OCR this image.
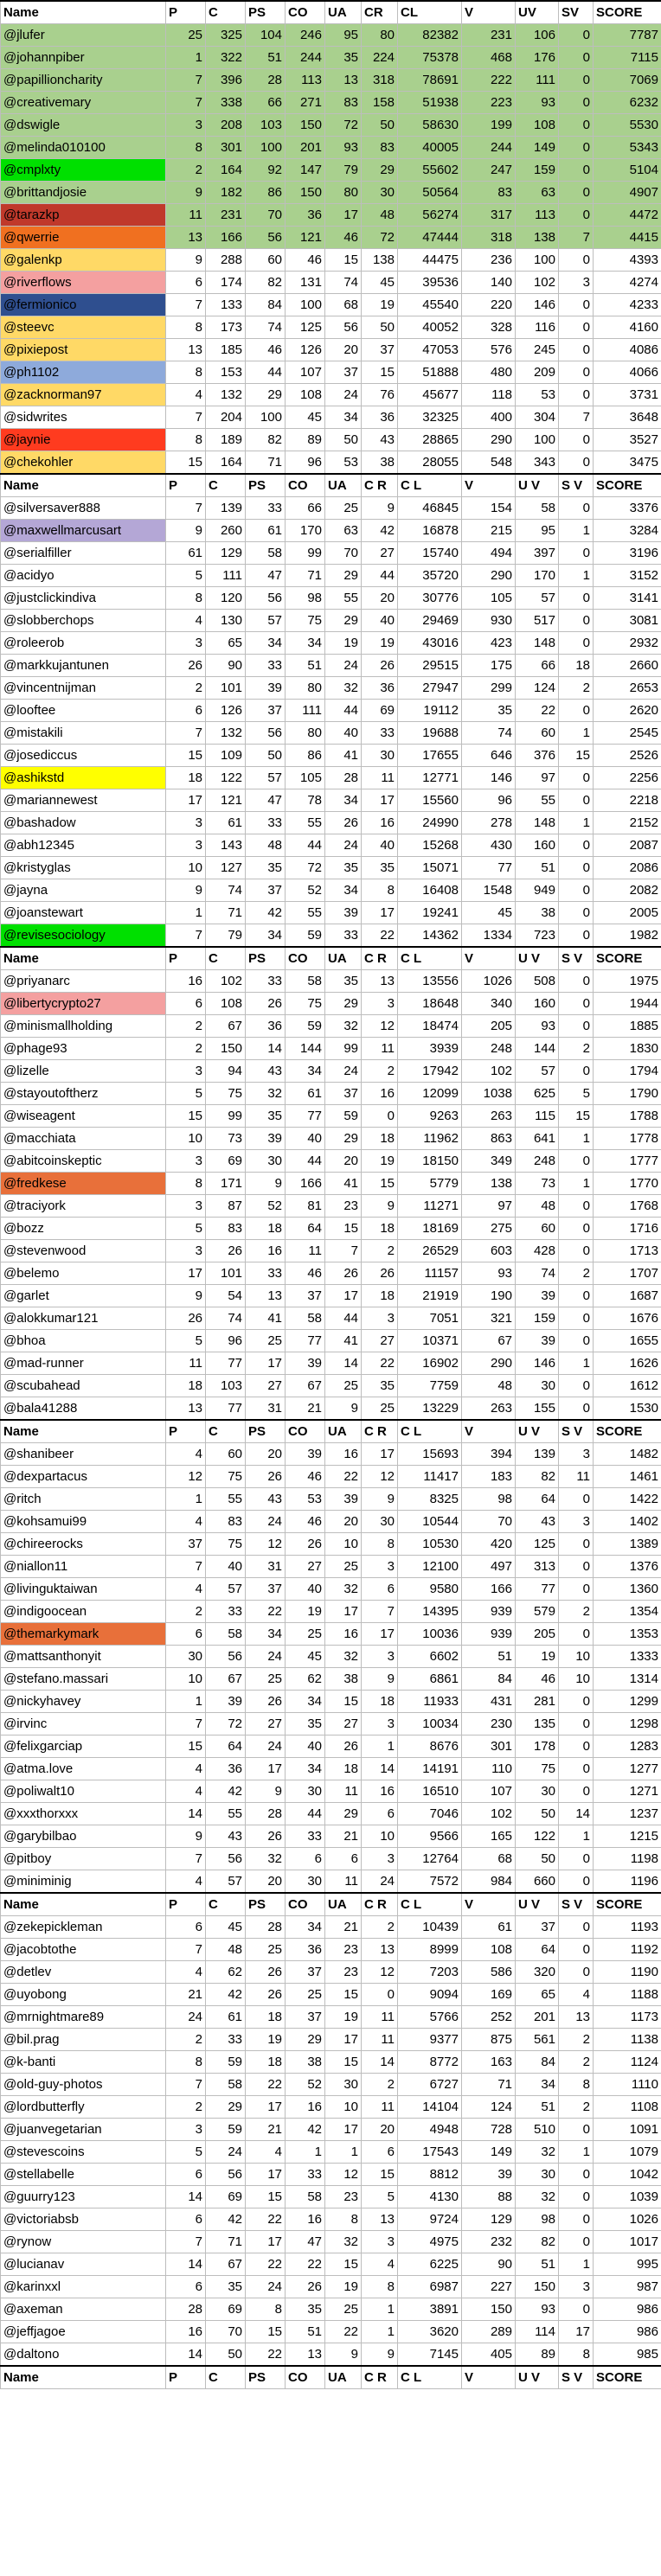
Name	P	C	PS	CO	UA	CR	CL	V	UV	SV	SCORE
@jlufer	25	325	104	246	95	80	82382	231	106	0	7787
@johannpiber	1	322	51	244	35	224	75378	468	176	0	7115
@papillioncharity	7	396	28	113	13	318	78691	222	111	0	7069
@creativemary	7	338	66	271	83	158	51938	223	93	0	6232
@dswigle	3	208	103	150	72	50	58630	199	108	0	5530
@melinda010100	8	301	100	201	93	83	40005	244	149	0	5343
@cmplxty	2	164	92	147	79	29	55602	247	159	0	5104
@brittandjosie	9	182	86	150	80	30	50564	83	63	0	4907
@tarazkp	11	231	70	36	17	48	56274	317	113	0	4472
@qwerrie	13	166	56	121	46	72	47444	318	138	7	4415
@galenkp	9	288	60	46	15	138	44475	236	100	0	4393
@riverflows	6	174	82	131	74	45	39536	140	102	3	4274
@fermionico	7	133	84	100	68	19	45540	220	146	0	4233
@steevc	8	173	74	125	56	50	40052	328	116	0	4160
@pixiepost	13	185	46	126	20	37	47053	576	245	0	4086
@ph1102	8	153	44	107	37	15	51888	480	209	0	4066
@zacknorman97	4	132	29	108	24	76	45677	118	53	0	3731
@sidwrites	7	204	100	45	34	36	32325	400	304	7	3648
@jaynie	8	189	82	89	50	43	28865	290	100	0	3527
@chekohler	15	164	71	96	53	38	28055	548	343	0	3475
Name	P	C	PS	CO	UA	C R	C L	V	U V	S V	SCORE
@silversaver888	7	139	33	66	25	9	46845	154	58	0	3376
@maxwellmarcusart	9	260	61	170	63	42	16878	215	95	1	3284
@serialfiller	61	129	58	99	70	27	15740	494	397	0	3196
@acidyo	5	111	47	71	29	44	35720	290	170	1	3152
@justclickindiva	8	120	56	98	55	20	30776	105	57	0	3141
@slobberchops	4	130	57	75	29	40	29469	930	517	0	3081
@roleerob	3	65	34	34	19	19	43016	423	148	0	2932
@markkujantunen	26	90	33	51	24	26	29515	175	66	18	2660
@vincentnijman	2	101	39	80	32	36	27947	299	124	2	2653
@looftee	6	126	37	111	44	69	19112	35	22	0	2620
@mistakili	7	132	56	80	40	33	19688	74	60	1	2545
@josediccus	15	109	50	86	41	30	17655	646	376	15	2526
@ashikstd	18	122	57	105	28	11	12771	146	97	0	2256
@mariannewest	17	121	47	78	34	17	15560	96	55	0	2218
@bashadow	3	61	33	55	26	16	24990	278	148	1	2152
@abh12345	3	143	48	44	24	40	15268	430	160	0	2087
@kristyglas	10	127	35	72	35	35	15071	77	51	0	2086
@jayna	9	74	37	52	34	8	16408	1548	949	0	2082
@joanstewart	1	71	42	55	39	17	19241	45	38	0	2005
@revisesociology	7	79	34	59	33	22	14362	1334	723	0	1982
Name	P	C	PS	CO	UA	C R	C L	V	U V	S V	SCORE
@priyanarc	16	102	33	58	35	13	13556	1026	508	0	1975
@libertycrypto27	6	108	26	75	29	3	18648	340	160	0	1944
@minismallholding	2	67	36	59	32	12	18474	205	93	0	1885
@phage93	2	150	14	144	99	11	3939	248	144	2	1830
@lizelle	3	94	43	34	24	2	17942	102	57	0	1794
@stayoutoftherz	5	75	32	61	37	16	12099	1038	625	5	1790
@wiseagent	15	99	35	77	59	0	9263	263	115	15	1788
@macchiata	10	73	39	40	29	18	11962	863	641	1	1778
@abitcoinskeptic	3	69	30	44	20	19	18150	349	248	0	1777
@fredkese	8	171	9	166	41	15	5779	138	73	1	1770
@traciyork	3	87	52	81	23	9	11271	97	48	0	1768
@bozz	5	83	18	64	15	18	18169	275	60	0	1716
@stevenwood	3	26	16	11	7	2	26529	603	428	0	1713
@belemo	17	101	33	46	26	26	11157	93	74	2	1707
@garlet	9	54	13	37	17	18	21919	190	39	0	1687
@alokkumar121	26	74	41	58	44	3	7051	321	159	0	1676
@bhoa	5	96	25	77	41	27	10371	67	39	0	1655
@mad-runner	11	77	17	39	14	22	16902	290	146	1	1626
@scubahead	18	103	27	67	25	35	7759	48	30	0	1612
@bala41288	13	77	31	21	9	25	13229	263	155	0	1530
Name	P	C	PS	CO	UA	C R	C L	V	U V	S V	SCORE
@shanibeer	4	60	20	39	16	17	15693	394	139	3	1482
@dexpartacus	12	75	26	46	22	12	11417	183	82	11	1461
@ritch	1	55	43	53	39	9	8325	98	64	0	1422
@kohsamui99	4	83	24	46	20	30	10544	70	43	3	1402
@chireerocks	37	75	12	26	10	8	10530	420	125	0	1389
@niallon11	7	40	31	27	25	3	12100	497	313	0	1376
@livinguktaiwan	4	57	37	40	32	6	9580	166	77	0	1360
@indigoocean	2	33	22	19	17	7	14395	939	579	2	1354
@themarkymark	6	58	34	25	16	17	10036	939	205	0	1353
@mattsanthonyit	30	56	24	45	32	3	6602	51	19	10	1333
@stefano.massari	10	67	25	62	38	9	6861	84	46	10	1314
@nickyhavey	1	39	26	34	15	18	11933	431	281	0	1299
@irvinc	7	72	27	35	27	3	10034	230	135	0	1298
@felixgarciap	15	64	24	40	26	1	8676	301	178	0	1283
@atma.love	4	36	17	34	18	14	14191	110	75	0	1277
@poliwalt10	4	42	9	30	11	16	16510	107	30	0	1271
@xxxthorxxx	14	55	28	44	29	6	7046	102	50	14	1237
@garybilbao	9	43	26	33	21	10	9566	165	122	1	1215
@pitboy	7	56	32	6	6	3	12764	68	50	0	1198
@miniminig	4	57	20	30	11	24	7572	984	660	0	1196
Name	P	C	PS	CO	UA	C R	C L	V	U V	S V	SCORE
@zekepickleman	6	45	28	34	21	2	10439	61	37	0	1193
@jacobtothe	7	48	25	36	23	13	8999	108	64	0	1192
@detlev	4	62	26	37	23	12	7203	586	320	0	1190
@uyobong	21	42	26	25	15	0	9094	169	65	4	1188
@mrnightmare89	24	61	18	37	19	11	5766	252	201	13	1173
@bil.prag	2	33	19	29	17	11	9377	875	561	2	1138
@k-banti	8	59	18	38	15	14	8772	163	84	2	1124
@old-guy-photos	7	58	22	52	30	2	6727	71	34	8	1110
@lordbutterfly	2	29	17	16	10	11	14104	124	51	2	1108
@juanvegetarian	3	59	21	42	17	20	4948	728	510	0	1091
@stevescoins	5	24	4	1	1	6	17543	149	32	1	1079
@stellabelle	6	56	17	33	12	15	8812	39	30	0	1042
@guurry123	14	69	15	58	23	5	4130	88	32	0	1039
@victoriabsb	6	42	22	16	8	13	9724	129	98	0	1026
@rynow	7	71	17	47	32	3	4975	232	82	0	1017
@lucianav	14	67	22	22	15	4	6225	90	51	1	995
@karinxxl	6	35	24	26	19	8	6987	227	150	3	987
@axeman	28	69	8	35	25	1	3891	150	93	0	986
@jeffjagoe	16	70	15	51	22	1	3620	289	114	17	986
@daltono	14	50	22	13	9	9	7145	405	89	8	985
Name	P	C	PS	CO	UA	C R	C L	V	U V	S V	SCORE
